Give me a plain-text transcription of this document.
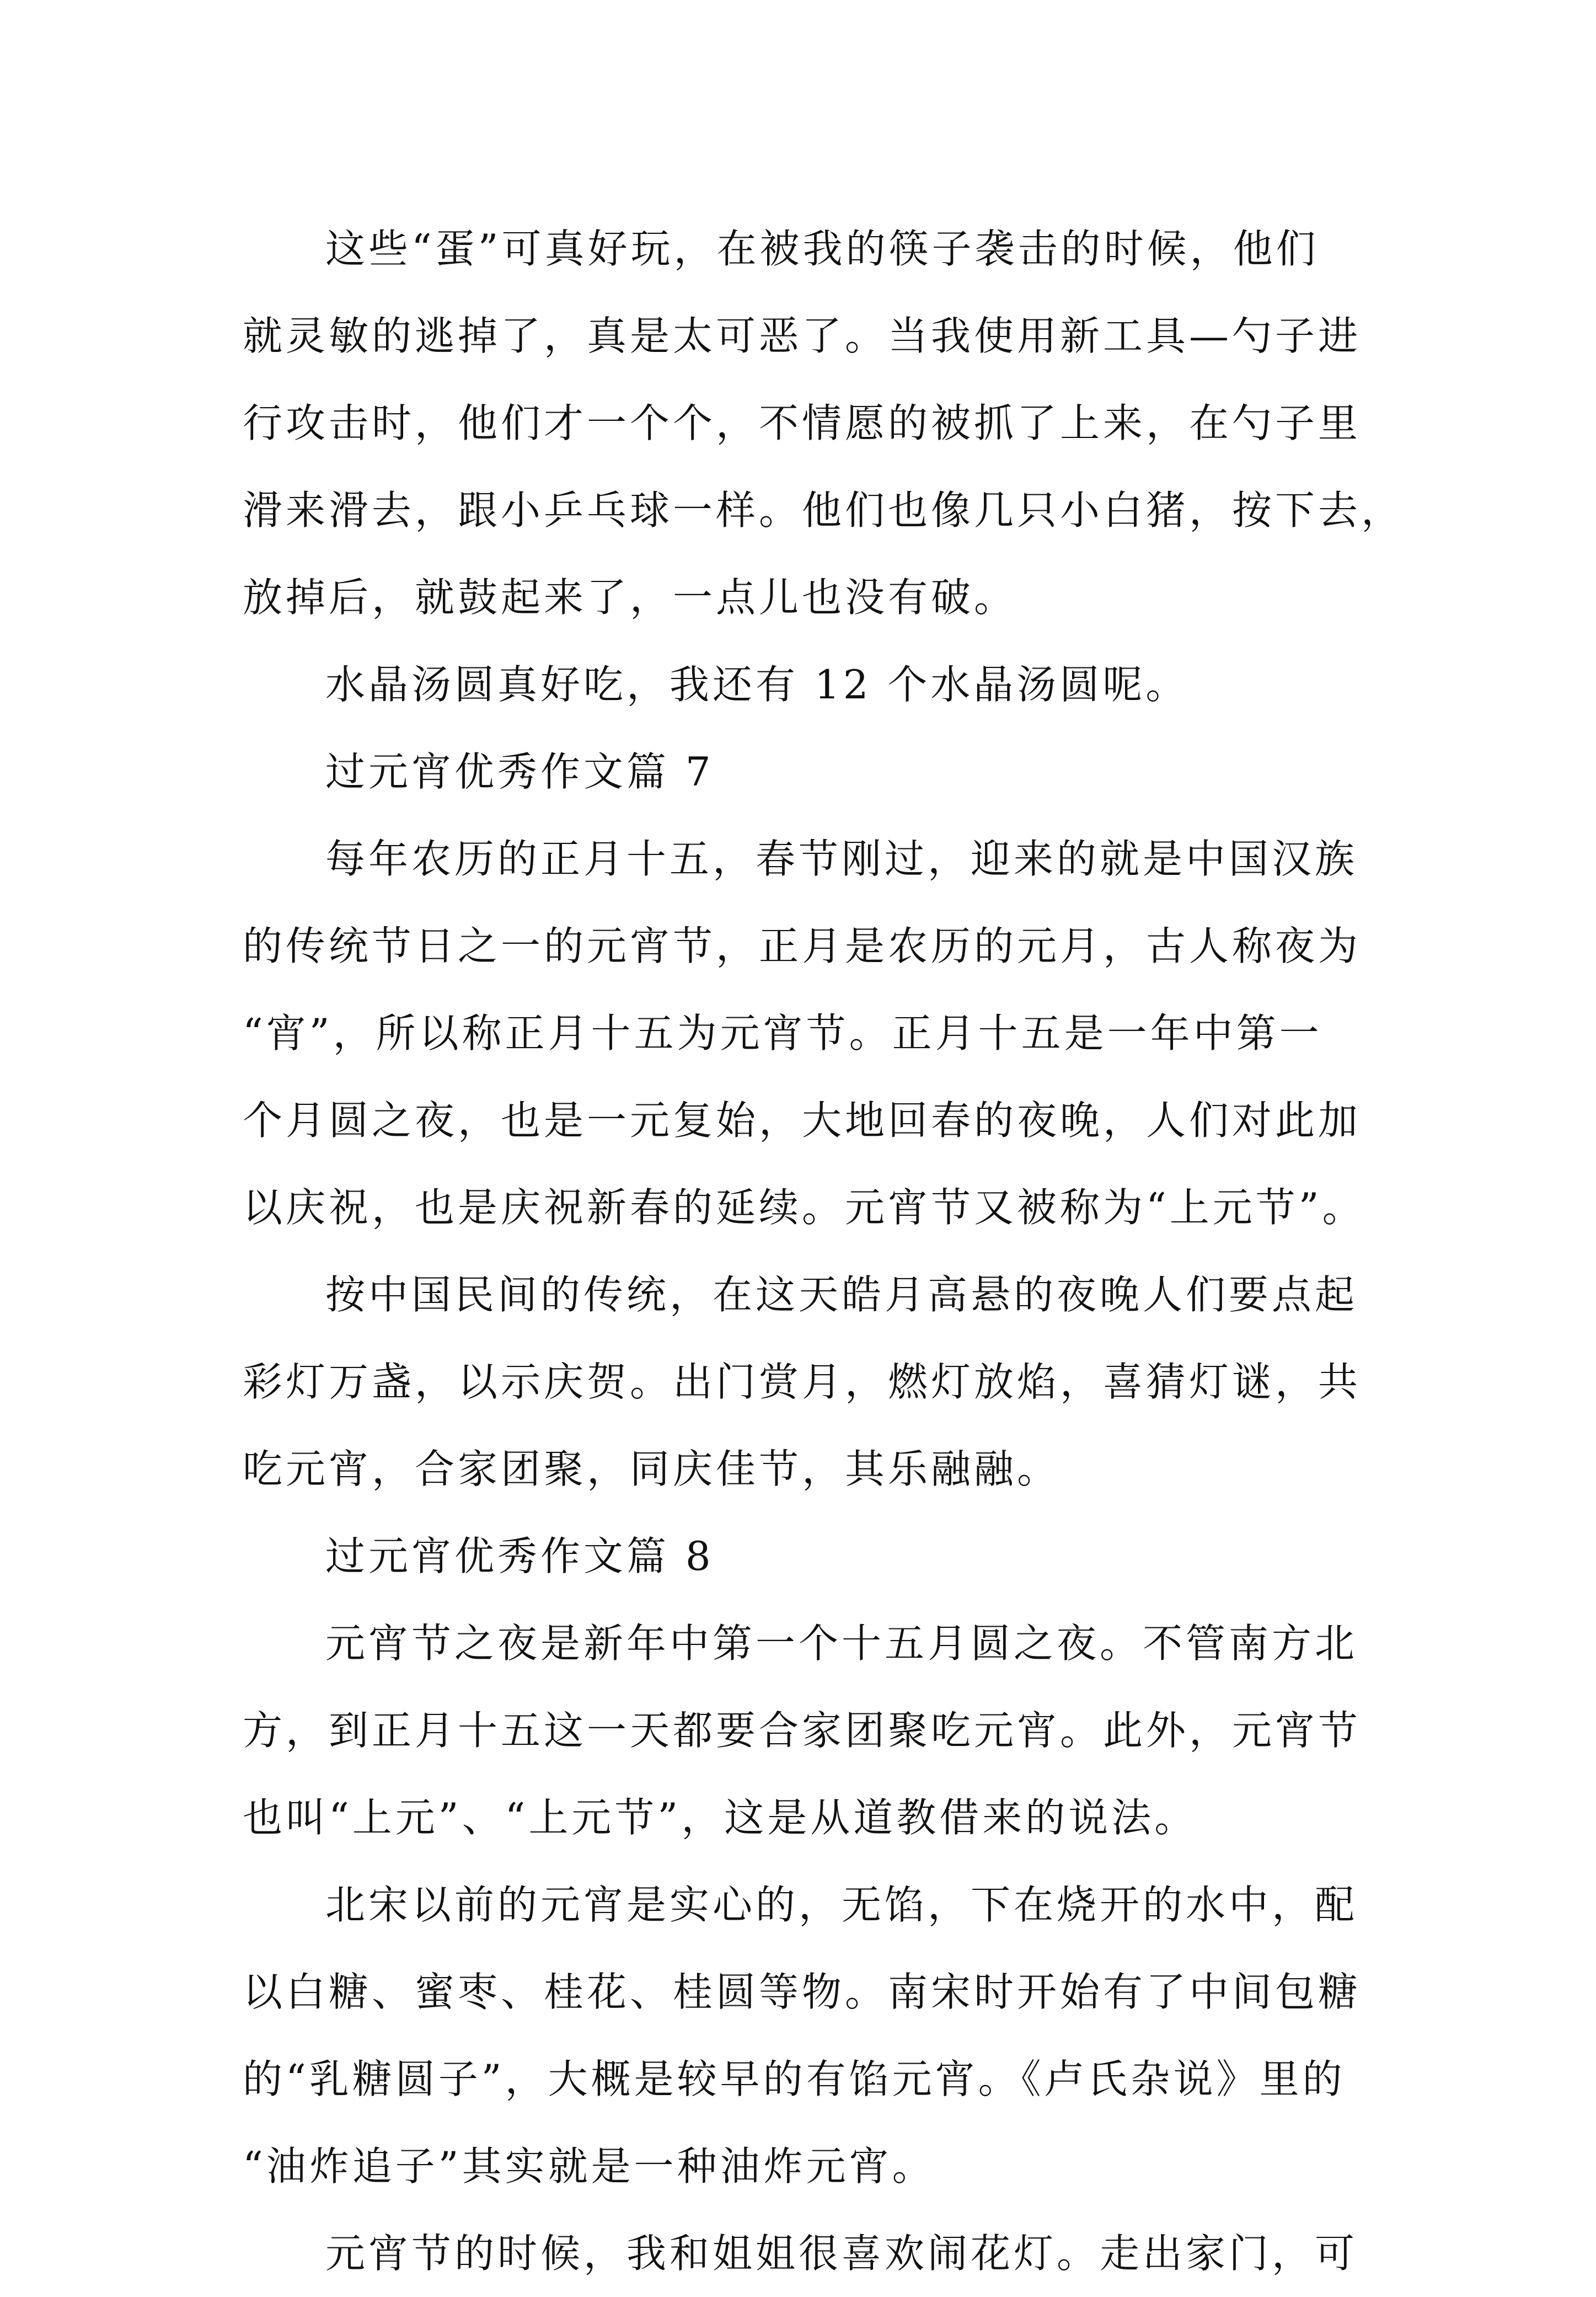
这些“蛋”可真好玩，在被我的筷子袭击的时候，他们
就灵敏的逃掉了，真是太可恶了。当我使用新工具—勺子进
行攻击时，他们才一个个，不情愿的被抓了上来，在勺子里
滑来滑去，跟小乒乓球一样。他们也像几只小白猪，按下去，
放掉后，就鼓起来了，一点儿也没有破。
水晶汤圆真好吃，我还有 12 个水晶汤圆呢。
过元宵优秀作文篇 7
每年农历的正月十五，春节刚过，迎来的就是中国汉族
的传统节日之一的元宵节，正月是农历的元月，古人称夜为
“宵”，所以称正月十五为元宵节。正月十五是一年中第一
个月圆之夜，也是一元复始，大地回春的夜晚，人们对此加
以庆祝，也是庆祝新春的延续。元宵节又被称为“上元节”。
按中国民间的传统，在这天皓月高悬的夜晚人们要点起
彩灯万盏，以示庆贺。出门赏月，燃灯放焰，喜猜灯谜，共
吃元宵，合家团聚，同庆佳节，其乐融融。
过元宵优秀作文篇 8
元宵节之夜是新年中第一个十五月圆之夜。不管南方北
方，到正月十五这一天都要合家团聚吃元宵。此外，元宵节
也叫“上元”、“上元节”，这是从道教借来的说法。
北宋以前的元宵是实心的，无馅，下在烧开的水中，配
以白糖、蜜枣、桂花、桂圆等物。南宋时开始有了中间包糖
的“乳糖圆子”，大概是较早的有馅元宵。《卢氏杂说》里的
“油炸追子”其实就是一种油炸元宵。
元宵节的时候，我和姐姐很喜欢闹花灯。走出家门，可
